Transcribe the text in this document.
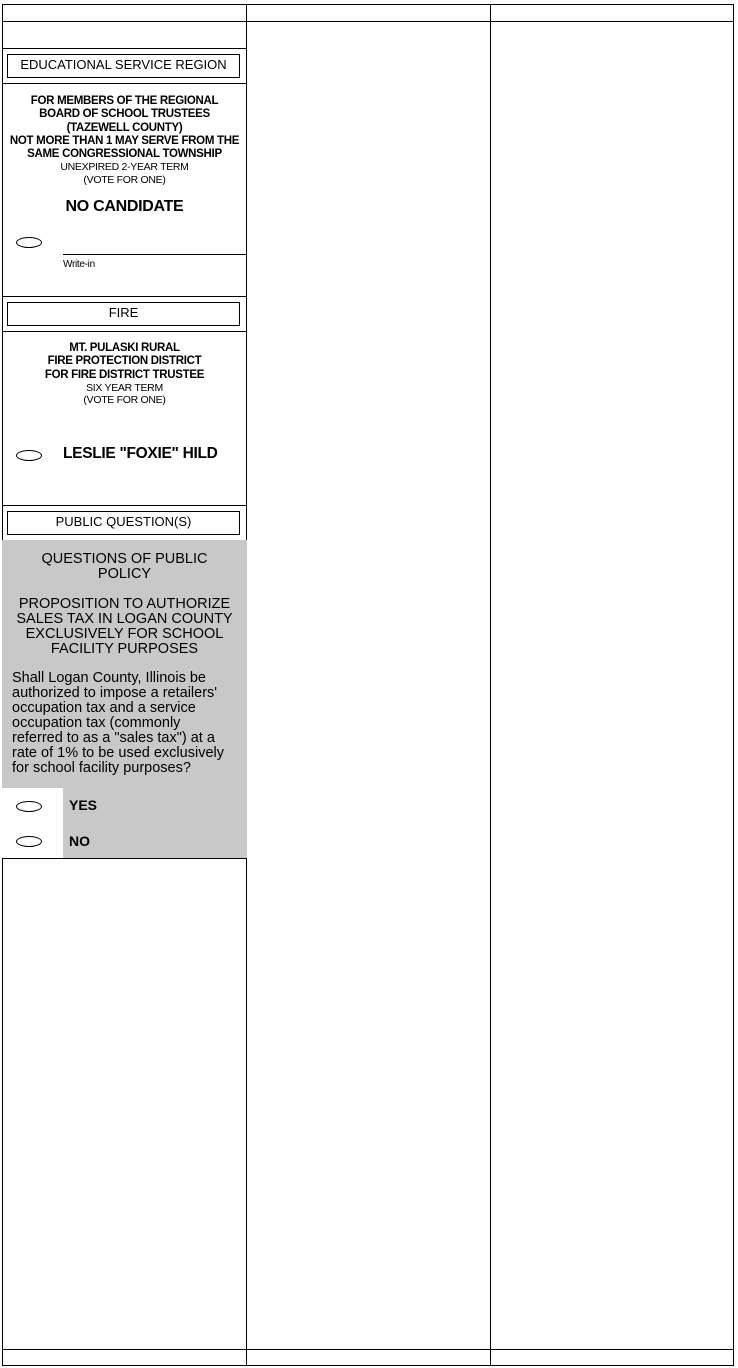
EDUCATIONAL SERVICE REGION
FOR MEMBERS OF THE REGIONAL
BOARD OF SCHOOL TRUSTEES
(TAZEWELL COUNTY)
NOT MORE THAN 1 MAY SERVE FROM THE
SAME CONGRESSIONAL TOWNSHIP
UNEXPIRED 2-YEAR TERM
(VOTE FOR ONE)
NO CANDIDATE
Write-in
FIRE
MT. PULASKI RURAL
FIRE PROTECTION DISTRICT
FOR FIRE DISTRICT TRUSTEE
SIX YEAR TERM
(VOTE FOR ONE)
LESLIE "FOXIE" HILD
PUBLIC QUESTION(S)
QUESTIONS OF PUBLIC
POLICY
PROPOSITION TO AUTHORIZE
SALES TAX IN LOGAN COUNTY
EXCLUSIVELY FOR SCHOOL
FACILITY PURPOSES
Shall Logan County, Illinois be
authorized to impose a retailers'
occupation tax and a service
occupation tax (commonly
referred to as a "sales tax") at a
rate of 1% to be used exclusively
for school facility purposes?
YES
NO
